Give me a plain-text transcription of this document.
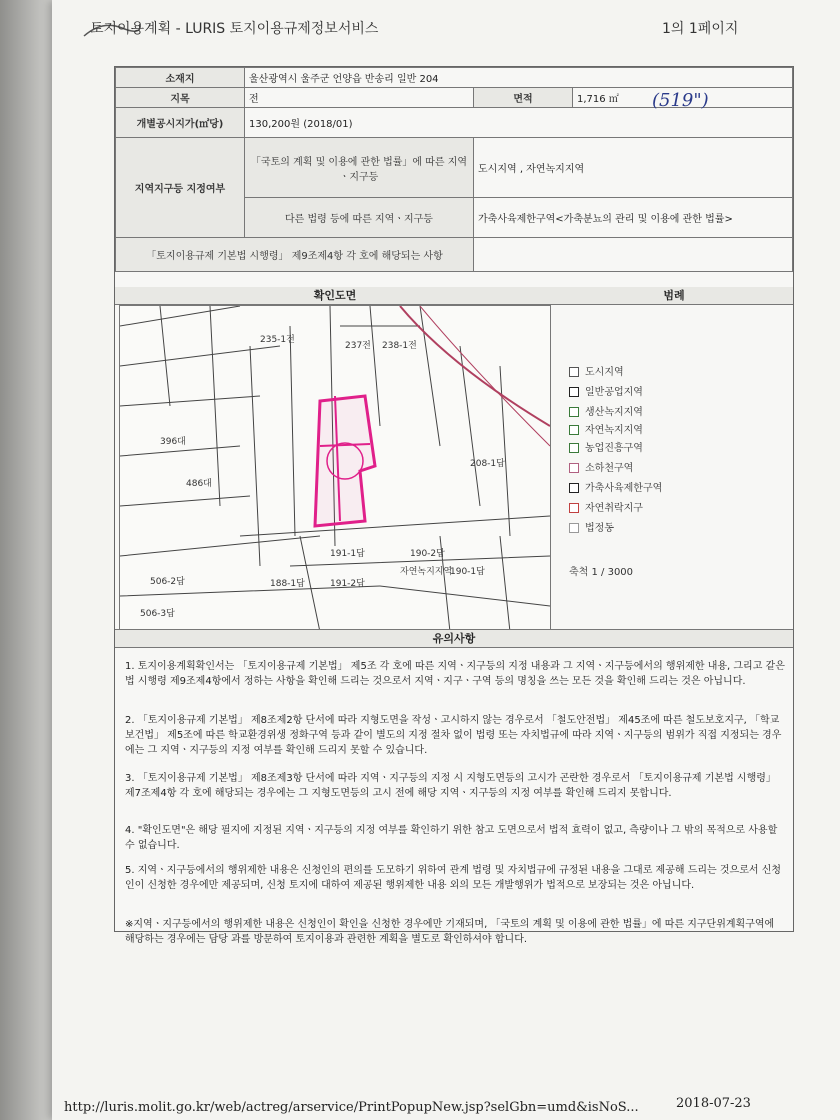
토지이용계획 - LURIS 토지이용규제정보서비스	1의 1페이지
소재지	울산광역시 울주군 언양읍 반송리 일반 204		
지목	전	면적	1,716 ㎡
개별공시지가(㎡당)	130,200원 (2018/01)		
지역지구등 지정여부	「국토의 계획 및 이용에 관한 법률」에 따른 지역ㆍ지구등	도시지역 , 자연녹지지역	
	다른 법령 등에 따른 지역ㆍ지구등	가축사육제한구역<가축분뇨의 관리 및 이용에 관한 법률>	
「토지이용규제 기본법 시행령」 제9조제4항 각 호에 해당되는 사항			
확인도면	범례
235-1전
237전 238-1전
396대
486대
208-1답
191-1답	190-2답
191-2답
자연녹지지역
190-1답
506-2답
506-3답
188-1답
도시지역
일반공업지역
생산녹지지역
자연녹지지역
농업진흥구역
소하천구역
가축사육제한구역
자연취락지구
법정동
축척 1 / 3000
유의사항
1. 토지이용계획확인서는 「토지이용규제 기본법」 제5조 각 호에 따른 지역ㆍ지구등의 지정 내용과 그 지역ㆍ지구등에서의 행위제한 내용, 그리고 같은 법 시행령 제9조제4항에서 정하는 사항을 확인해 드리는 것으로서 지역ㆍ지구ㆍ구역 등의 명칭을 쓰는 모든 것을 확인해 드리는 것은 아닙니다.
2. 「토지이용규제 기본법」 제8조제2항 단서에 따라 지형도면을 작성ㆍ고시하지 않는 경우로서 「철도안전법」 제45조에 따른 철도보호지구, 「학교보건법」 제5조에 따른 학교환경위생 정화구역 등과 같이 별도의 지정 절차 없이 법령 또는 자치법규에 따라 지역ㆍ지구등의 범위가 직접 지정되는 경우에는 그 지역ㆍ지구등의 지정 여부를 확인해 드리지 못할 수 있습니다.
3. 「토지이용규제 기본법」 제8조제3항 단서에 따라 지역ㆍ지구등의 지정 시 지형도면등의 고시가 곤란한 경우로서 「토지이용규제 기본법 시행령」 제7조제4항 각 호에 해당되는 경우에는 그 지형도면등의 고시 전에 해당 지역ㆍ지구등의 지정 여부를 확인해 드리지 못합니다.
4. "확인도면"은 해당 필지에 지정된 지역ㆍ지구등의 지정 여부를 확인하기 위한 참고 도면으로서 법적 효력이 없고, 측량이나 그 밖의 목적으로 사용할 수 없습니다.
5. 지역ㆍ지구등에서의 행위제한 내용은 신청인의 편의를 도모하기 위하여 관계 법령 및 자치법규에 규정된 내용을 그대로 제공해 드리는 것으로서 신청인이 신청한 경우에만 제공되며, 신청 토지에 대하여 제공된 행위제한 내용 외의 모든 개발행위가 법적으로 보장되는 것은 아닙니다.
※지역ㆍ지구등에서의 행위제한 내용은 신청인이 확인을 신청한 경우에만 기재되며, 「국토의 계획 및 이용에 관한 법률」에 따른 지구단위계획구역에 해당하는 경우에는 담당 과를 방문하여 토지이용과 관련한 계획을 별도로 확인하셔야 합니다.
(519")
http://luris.molit.go.kr/web/actreg/arservice/PrintPopupNew.jsp?selGbn=umd&isNoS...	2018-07-23
